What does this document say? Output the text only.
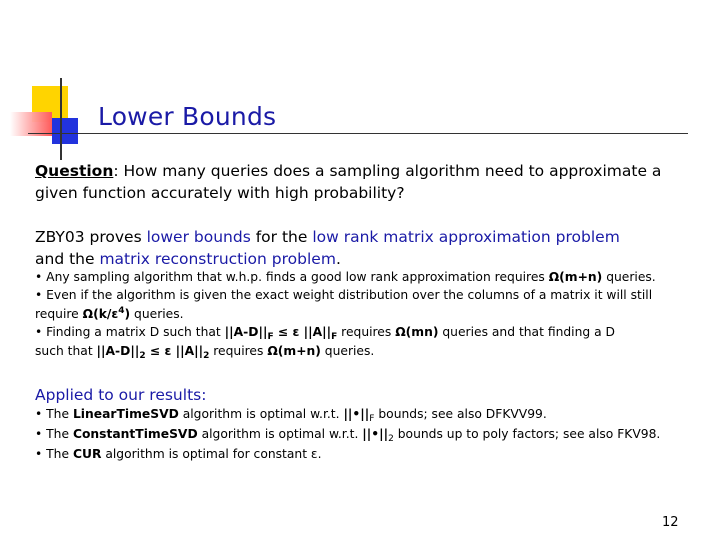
Lower Bounds

Question: How many queries does a sampling algorithm need to approximate a

given function accurately with high probability?

ZBY03 proves lower bounds for the low rank matrix approximation problem

and the matrix reconstruction problem.

• Any sampling algorithm that w.h.p. finds a good low rank approximation requires Ω(m+n) queries.

• Even if the algorithm is given the exact weight distribution over the columns of a matrix it will still

require $\Omega(k/\varepsilon^4)$ queries.

• Finding a matrix D such that $||A-D||_F \le \varepsilon$ $||A||_F$ requires Ω(mn) queries and that finding a D

such that $||A-D||_2 \le \varepsilon$ $||A||_2$ requires Ω(m+n) queries.

Applied to our results:

• The LinearTimeSVD algorithm is optimal w.r.t. $||•||_F$ bounds; see also DFKVV99.

• The ConstantTimeSVD algorithm is optimal w.r.t. $||•||_2$ bounds up to poly factors; see also FKV98.

• The CUR algorithm is optimal for constant ε.

12
